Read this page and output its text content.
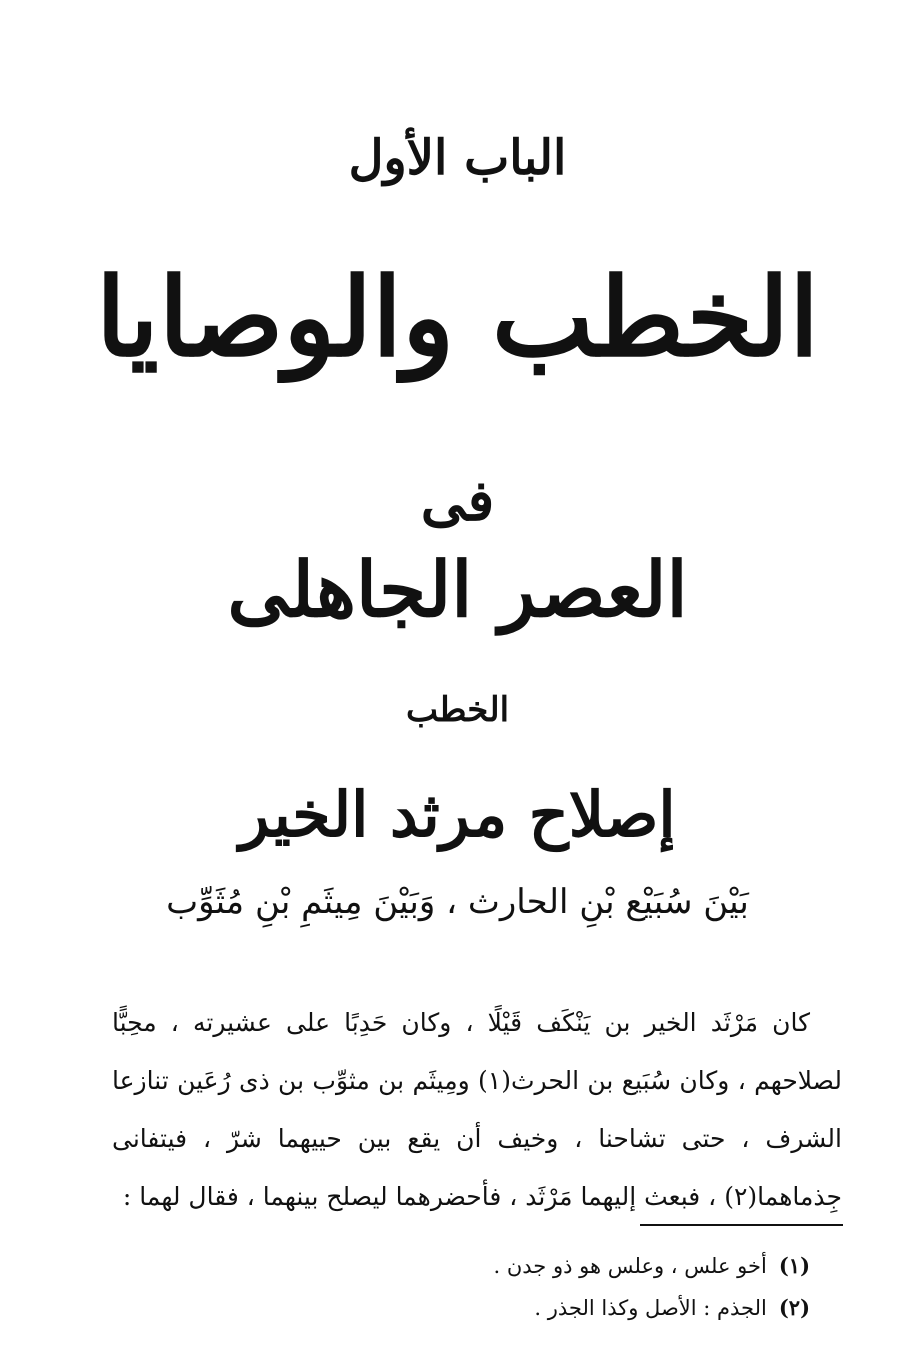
الباب الأول
الخطب والوصايا
فى
العصر الجاهلى
الخطب
إصلاح مرثد الخير
بَيْنَ سُبَيْع بْنِ الحارث ، وَبَيْنَ مِيثَمِ بْنِ مُثَوِّب

كان مَرْثَد الخير بن يَنْكَف قَيْلًا ، وكان حَدِبًا على عشيرته ، محِبًّا لصلاحهم ، وكان سُبَيع بن الحرث(١) ومِيثَم بن مثوِّب بن ذى رُعَين تنازعا الشرف ، حتى تشاحنا ، وخيف أن يقع بين حييهما شرّ ، فيتفانى جِذماهما(٢) ، فبعث إليهما مَرْثَد ، فأحضرهما ليصلح بينهما ، فقال لهما :

(١)أخو علس ، وعلس هو ذو جدن .
(٢)الجذم : الأصل وكذا الجذر .
